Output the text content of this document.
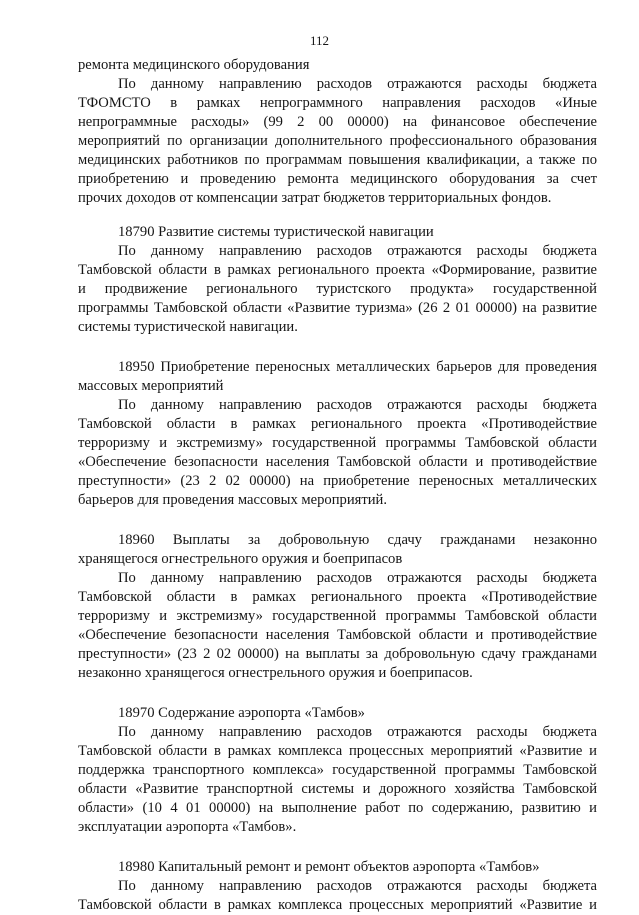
112
ремонта медицинского оборудования
По данному направлению расходов отражаются расходы бюджета
ТФОМСТО в рамках непрограммного направления расходов «Иные
непрограммные расходы» (99 2 00 00000) на финансовое обеспечение
мероприятий по организации дополнительного профессионального образования
медицинских работников по программам повышения квалификации, а также по
приобретению и проведению ремонта медицинского оборудования за счет
прочих доходов от компенсации затрат бюджетов территориальных фондов.
18790 Развитие системы туристической навигации
По данному направлению расходов отражаются расходы бюджета
Тамбовской области в рамках регионального проекта «Формирование, развитие
и продвижение регионального туристского продукта» государственной
программы Тамбовской области «Развитие туризма» (26 2 01 00000) на развитие
системы туристической навигации.
18950 Приобретение переносных металлических барьеров для проведения
массовых мероприятий
По данному направлению расходов отражаются расходы бюджета
Тамбовской области в рамках регионального проекта «Противодействие
терроризму и экстремизму» государственной программы Тамбовской области
«Обеспечение безопасности населения Тамбовской области и противодействие
преступности» (23 2 02 00000) на приобретение переносных металлических
барьеров для проведения массовых мероприятий.
18960 Выплаты за добровольную сдачу гражданами незаконно
хранящегося огнестрельного оружия и боеприпасов
По данному направлению расходов отражаются расходы бюджета
Тамбовской области в рамках регионального проекта «Противодействие
терроризму и экстремизму» государственной программы Тамбовской области
«Обеспечение безопасности населения Тамбовской области и противодействие
преступности» (23 2 02 00000) на выплаты за добровольную сдачу гражданами
незаконно хранящегося огнестрельного оружия и боеприпасов.
18970 Содержание аэропорта «Тамбов»
По данному направлению расходов отражаются расходы бюджета
Тамбовской области в рамках комплекса процессных мероприятий «Развитие и
поддержка транспортного комплекса» государственной программы Тамбовской
области «Развитие транспортной системы и дорожного хозяйства Тамбовской
области» (10 4 01 00000) на выполнение работ по содержанию, развитию и
эксплуатации аэропорта «Тамбов».
18980 Капитальный ремонт и ремонт объектов аэропорта «Тамбов»
По данному направлению расходов отражаются расходы бюджета
Тамбовской области в рамках комплекса процессных мероприятий «Развитие и
